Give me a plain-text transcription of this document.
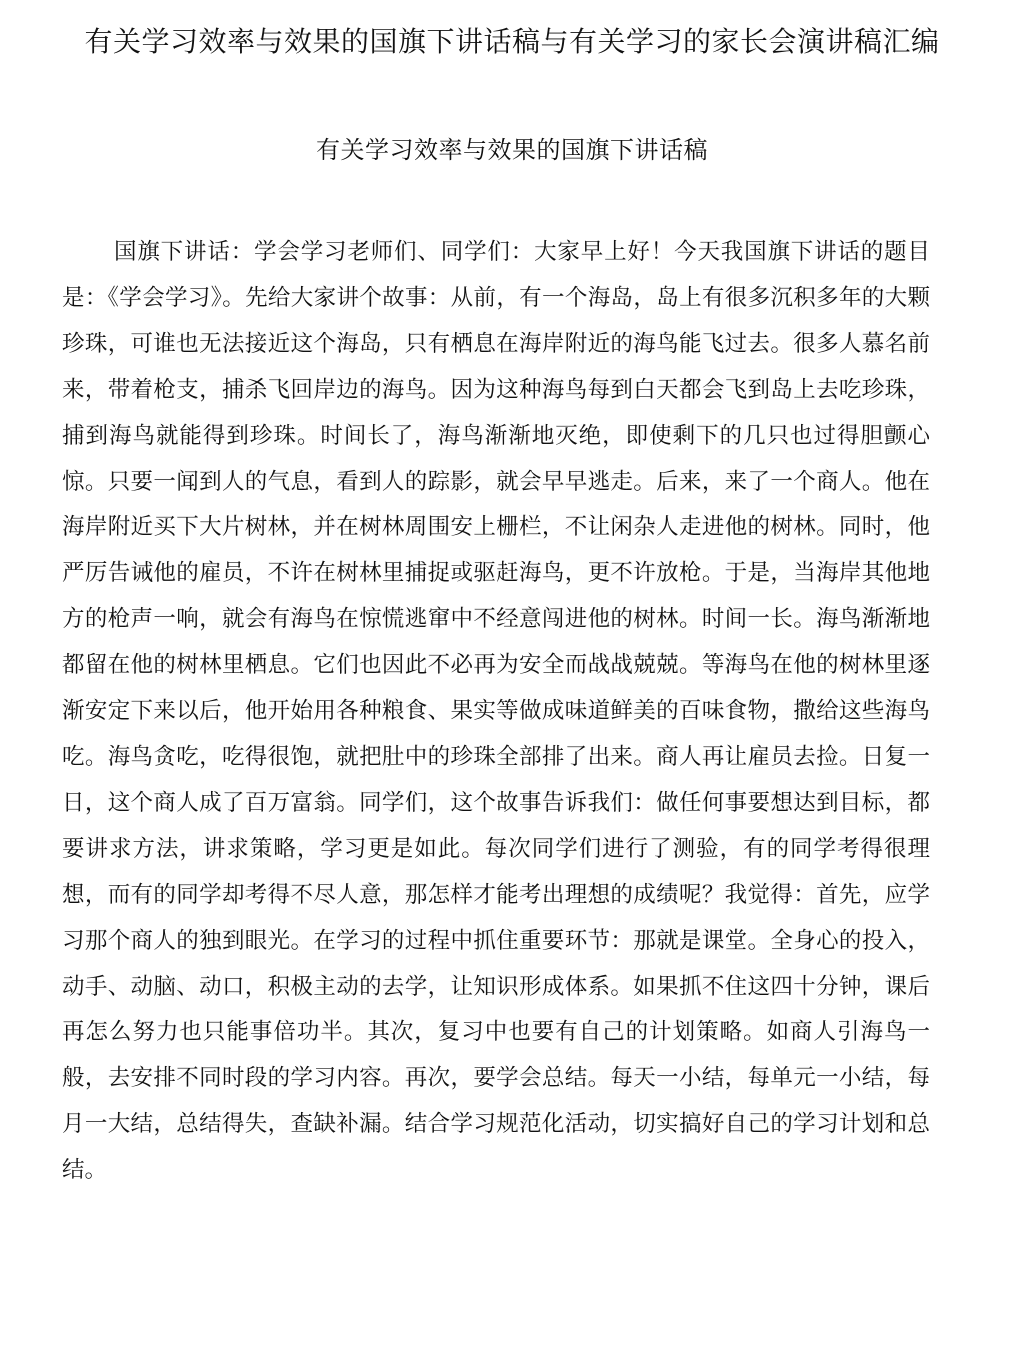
有关学习效率与效果的国旗下讲话稿与有关学习的家长会演讲稿汇编
有关学习效率与效果的国旗下讲话稿

国旗下讲话：学会学习老师们、同学们：大家早上好！今天我国旗下讲话的题目是：《学会学习》。先给大家讲个故事：从前，有一个海岛，岛上有很多沉积多年的大颗珍珠，可谁也无法接近这个海岛，只有栖息在海岸附近的海鸟能飞过去。很多人慕名前来，带着枪支，捕杀飞回岸边的海鸟。因为这种海鸟每到白天都会飞到岛上去吃珍珠，捕到海鸟就能得到珍珠。时间长了，海鸟渐渐地灭绝，即使剩下的几只也过得胆颤心惊。只要一闻到人的气息，看到人的踪影，就会早早逃走。后来，来了一个商人。他在海岸附近买下大片树林，并在树林周围安上栅栏，不让闲杂人走进他的树林。同时，他严厉告诫他的雇员，不许在树林里捕捉或驱赶海鸟，更不许放枪。于是，当海岸其他地方的枪声一响，就会有海鸟在惊慌逃窜中不经意闯进他的树林。时间一长。海鸟渐渐地都留在他的树林里栖息。它们也因此不必再为安全而战战兢兢。等海鸟在他的树林里逐渐安定下来以后，他开始用各种粮食、果实等做成味道鲜美的百味食物，撒给这些海鸟吃。海鸟贪吃，吃得很饱，就把肚中的珍珠全部排了出来。商人再让雇员去捡。日复一日，这个商人成了百万富翁。同学们，这个故事告诉我们：做任何事要想达到目标，都要讲求方法，讲求策略，学习更是如此。每次同学们进行了测验，有的同学考得很理想，而有的同学却考得不尽人意，那怎样才能考出理想的成绩呢？我觉得：首先，应学习那个商人的独到眼光。在学习的过程中抓住重要环节：那就是课堂。全身心的投入，动手、动脑、动口，积极主动的去学，让知识形成体系。如果抓不住这四十分钟，课后再怎么努力也只能事倍功半。其次，复习中也要有自己的计划策略。如商人引海鸟一般，去安排不同时段的学习内容。再次，要学会总结。每天一小结，每单元一小结，每月一大结，总结得失，查缺补漏。结合学习规范化活动，切实搞好自己的学习计划和总结。
